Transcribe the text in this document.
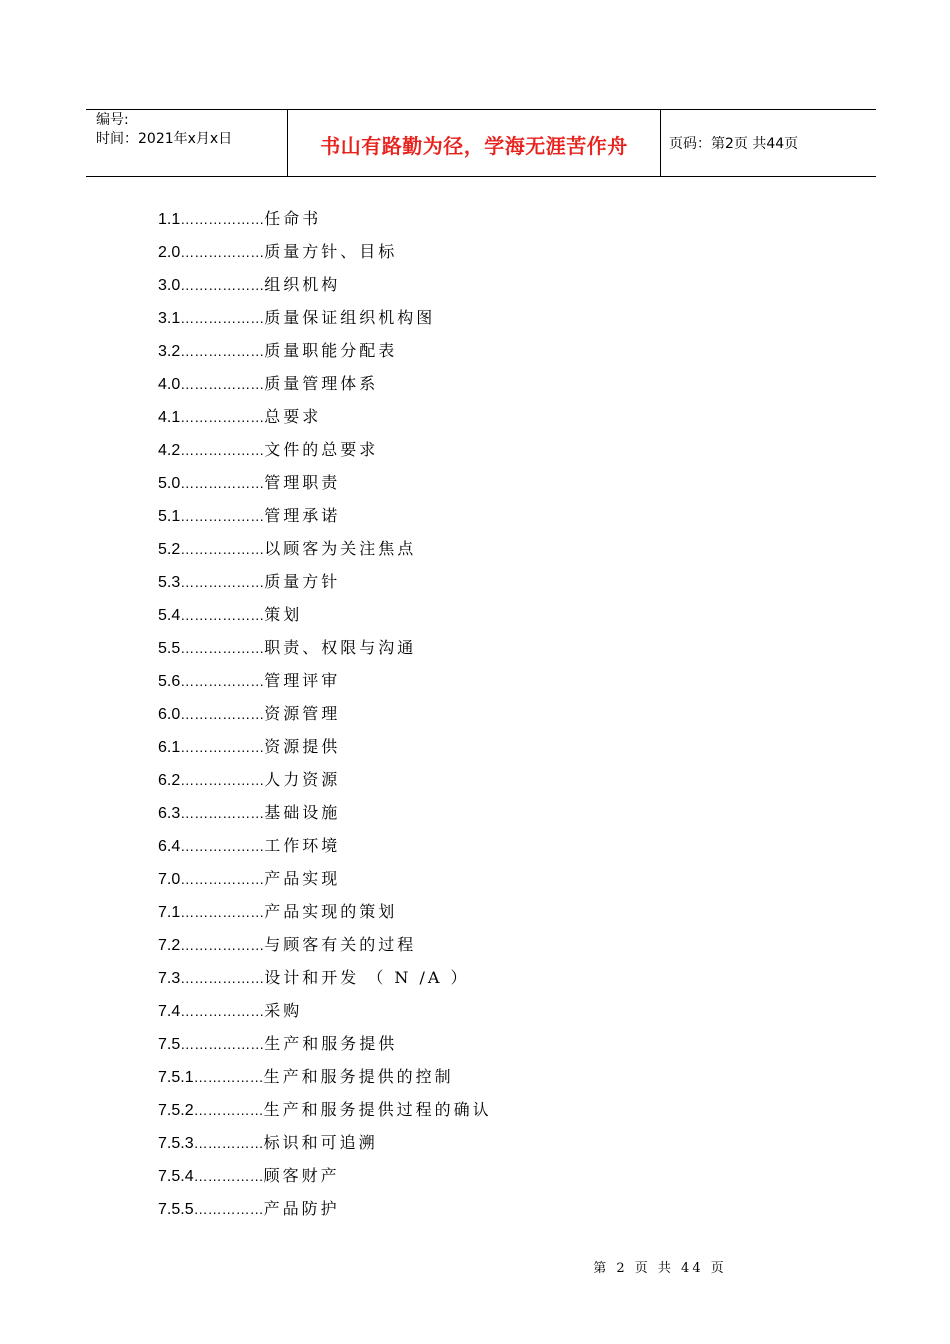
编号:
时间：2021年x月x日	书山有路勤为径，学海无涯苦作舟	页码：第2页 共44页
1.1………………任命书
2.0………………质量方针、目标
3.0………………组织机构
3.1………………质量保证组织机构图
3.2………………质量职能分配表
4.0………………质量管理体系
4.1………………总要求
4.2………………文件的总要求
5.0………………管理职责
5.1………………管理承诺
5.2………………以顾客为关注焦点
5.3………………质量方针
5.4………………策划
5.5………………职责、权限与沟通
5.6………………管理评审
6.0………………资源管理
6.1………………资源提供
6.2………………人力资源
6.3………………基础设施
6.4………………工作环境
7.0………………产品实现
7.1………………产品实现的策划
7.2………………与顾客有关的过程
7.3………………设计和开发 （ N /A ）
7.4………………采购
7.5………………生产和服务提供
7.5.1……………生产和服务提供的控制
7.5.2……………生产和服务提供过程的确认
7.5.3……………标识和可追溯
7.5.4……………顾客财产
7.5.5……………产品防护
第 2 页 共 44 页
